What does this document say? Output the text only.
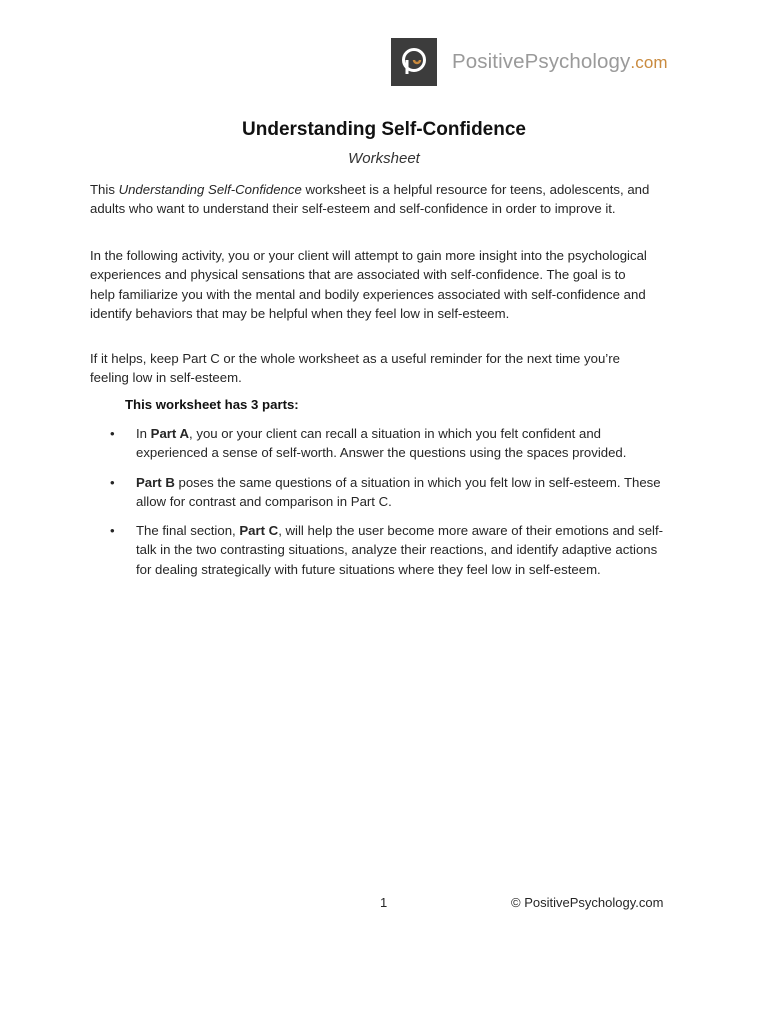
PositivePsychology.com
Understanding Self-Confidence
Worksheet
This Understanding Self-Confidence worksheet is a helpful resource for teens, adolescents, and adults who want to understand their self-esteem and self-confidence in order to improve it.
In the following activity, you or your client will attempt to gain more insight into the psychological experiences and physical sensations that are associated with self-confidence. The goal is to help familiarize you with the mental and bodily experiences associated with self-confidence and identify behaviors that may be helpful when they feel low in self-esteem.
If it helps, keep Part C or the whole worksheet as a useful reminder for the next time you’re feeling low in self-esteem.
This worksheet has 3 parts:
• In Part A, you or your client can recall a situation in which you felt confident and experienced a sense of self-worth. Answer the questions using the spaces provided.
• Part B poses the same questions of a situation in which you felt low in self-esteem. These allow for contrast and comparison in Part C.
• The final section, Part C, will help the user become more aware of their emotions and self-talk in the two contrasting situations, analyze their reactions, and identify adaptive actions for dealing strategically with future situations where they feel low in self-esteem.
1	© PositivePsychology.com
